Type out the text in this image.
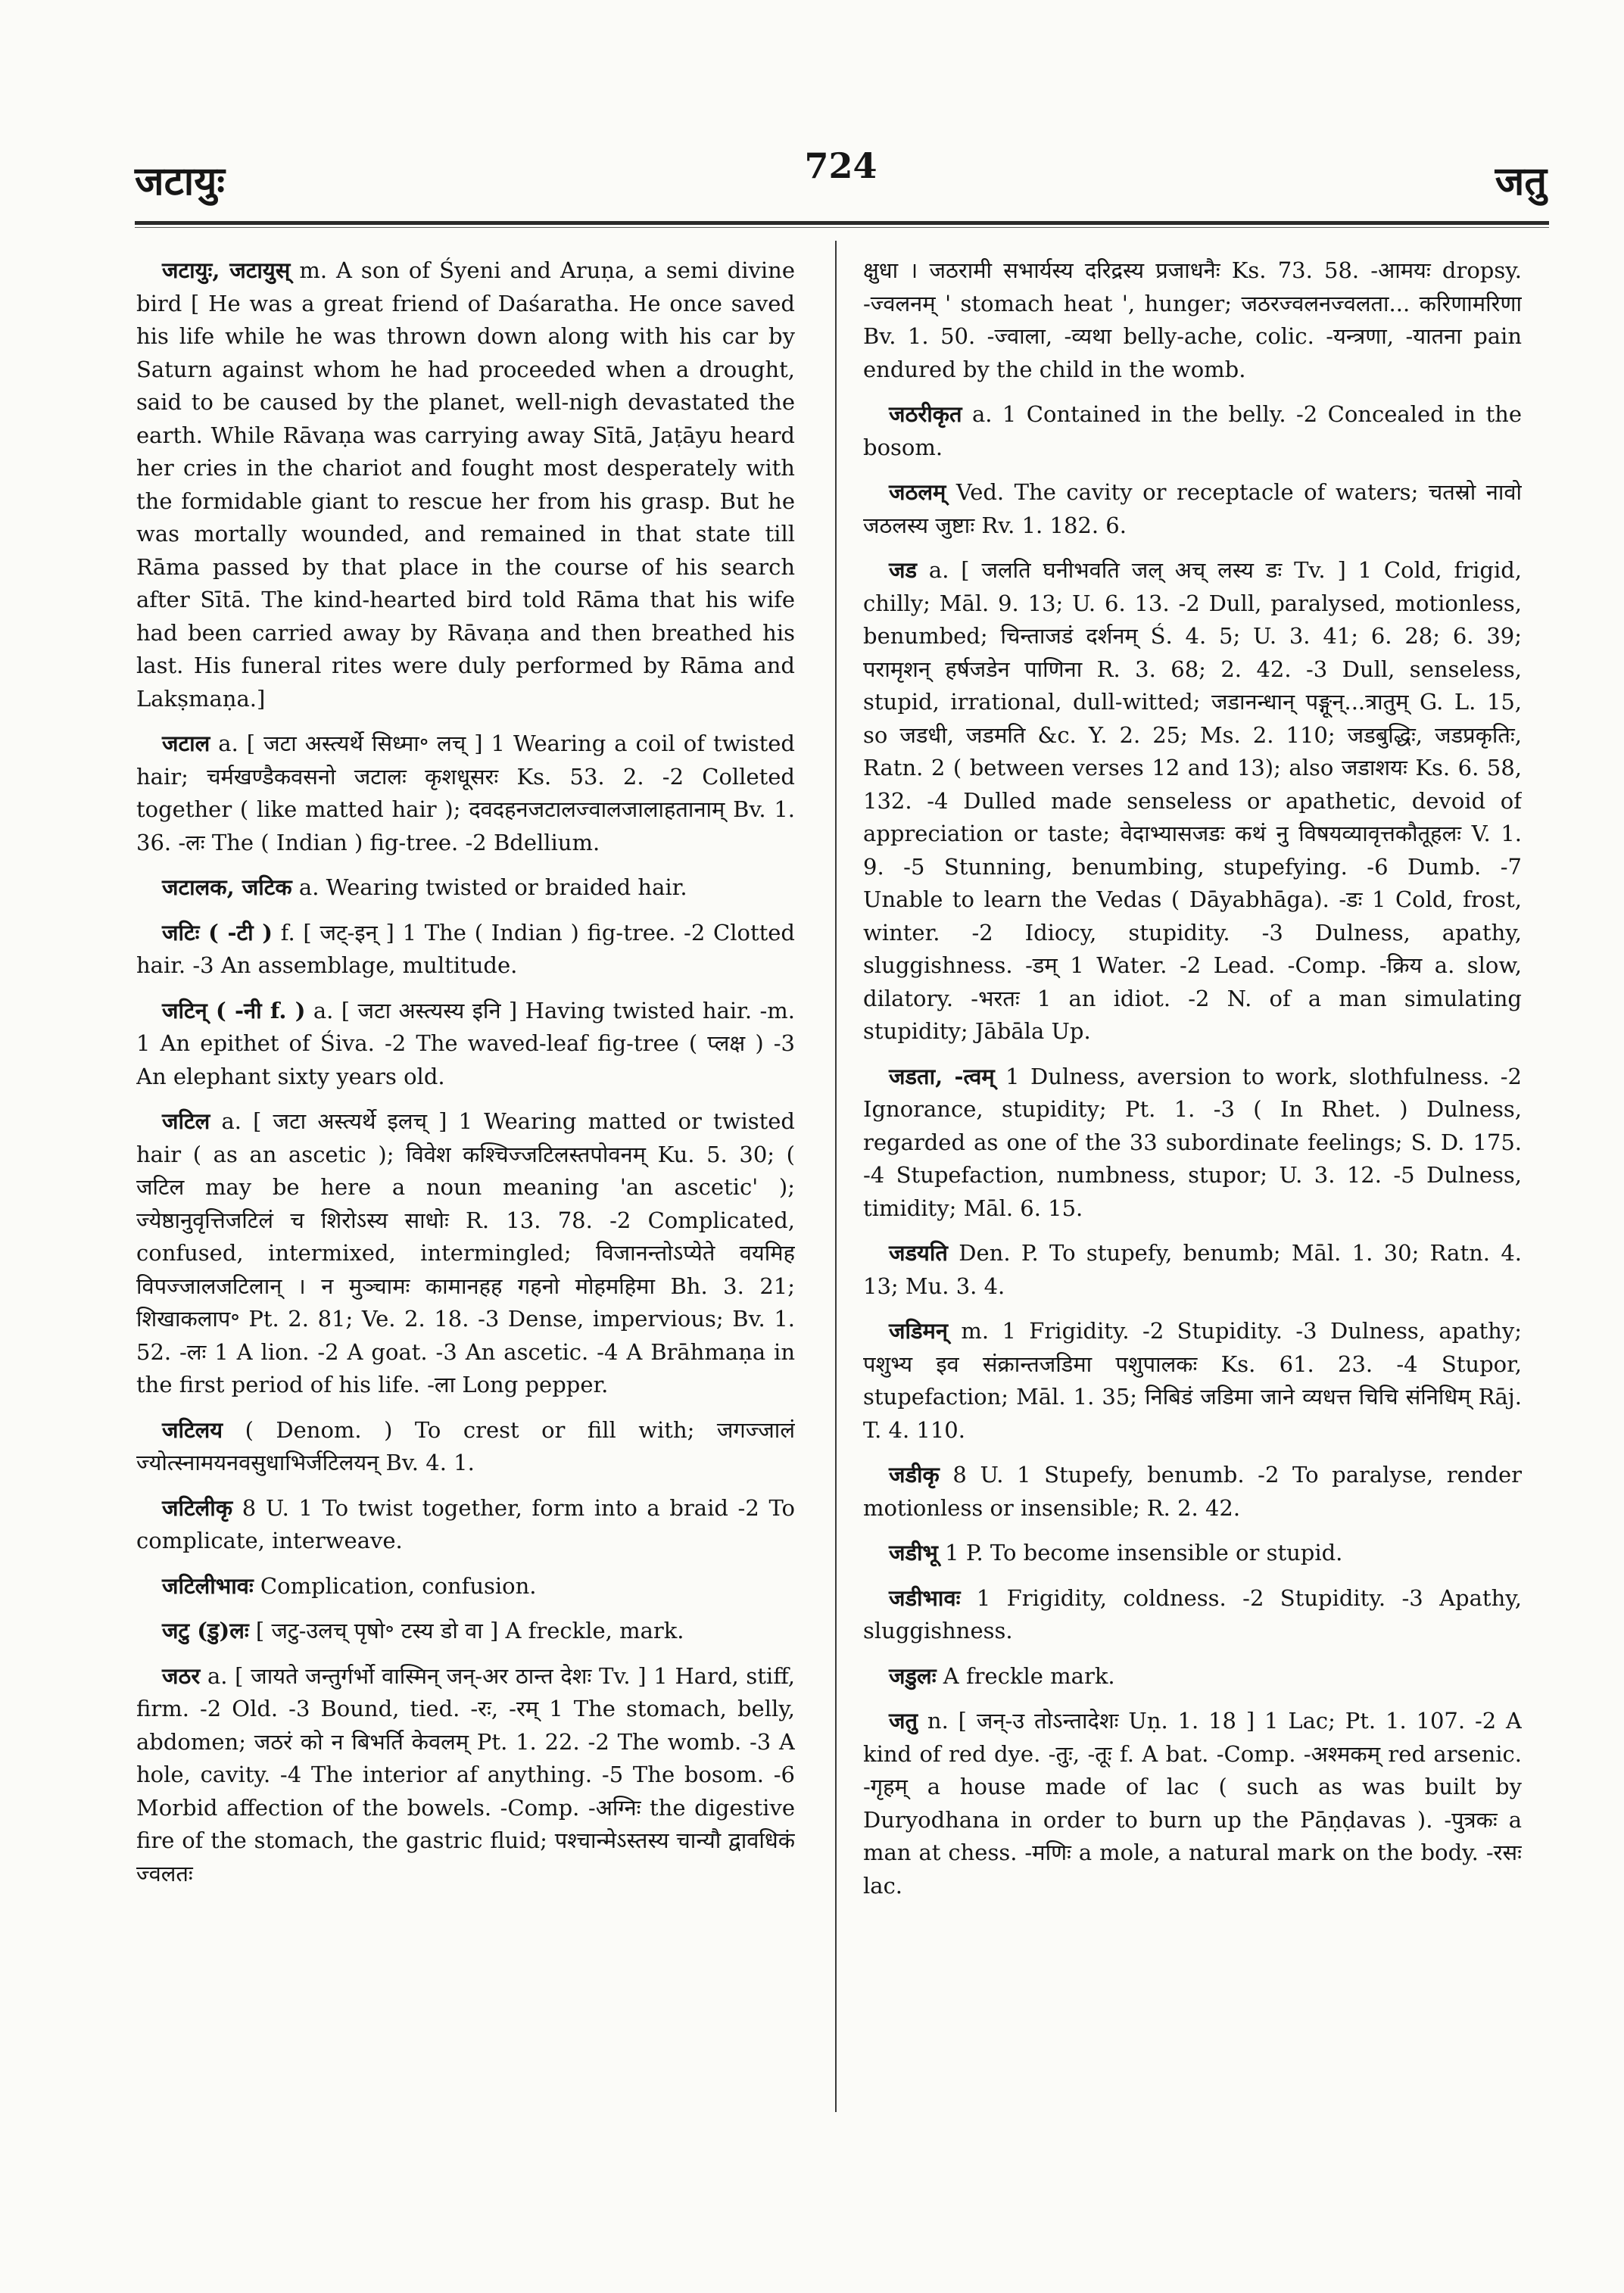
जटायुः	724	जतु

जटायुः, जटायुस् m. A son of Śyeni and Aruṇa, a semi divine bird [ He was a great friend of Daśaratha. He once saved his life while he was thrown down along with his car by Saturn against whom he had proceeded when a drought, said to be caused by the planet, well-nigh devastated the earth. While Rāvaṇa was carrying away Sītā, Jaṭāyu heard her cries in the chariot and fought most desperately with the formidable giant to rescue her from his grasp. But he was mortally wounded, and remained in that state till Rāma passed by that place in the course of his search after Sītā. The kind-hearted bird told Rāma that his wife had been carried away by Rāvaṇa and then breathed his last. His funeral rites were duly performed by Rāma and Lakṣmaṇa.]

जटाल a. [ जटा अस्त्यर्थे सिध्मा॰ लच् ] 1 Wearing a coil of twisted hair; चर्मखण्डैकवसनो जटालः कृशधूसरः Ks. 53. 2. -2 Colleted together ( like matted hair ); दवदहनजटालज्वालजालाहतानाम् Bv. 1. 36. -लः The ( Indian ) fig-tree. -2 Bdellium.

जटालक, जटिक a. Wearing twisted or braided hair.

जटिः ( -टी ) f. [ जट्-इन् ] 1 The ( Indian ) fig-tree. -2 Clotted hair. -3 An assemblage, multitude.

जटिन् ( -नी f. ) a. [ जटा अस्त्यस्य इनि ] Having twisted hair. -m. 1 An epithet of Śiva. -2 The waved-leaf fig-tree ( प्लक्ष ) -3 An elephant sixty years old.

जटिल a. [ जटा अस्त्यर्थे इलच् ] 1 Wearing matted or twisted hair ( as an ascetic ); विवेश कश्चिज्जटिलस्तपोवनम् Ku. 5. 30; ( जटिल may be here a noun meaning 'an ascetic' ); ज्येष्ठानुवृत्तिजटिलं च शिरोऽस्य साधोः R. 13. 78. -2 Complicated, confused, intermixed, intermingled; विजानन्तोऽप्येते वयमिह विपज्जालजटिलान् । न मुञ्चामः कामानहह गहनो मोहमहिमा Bh. 3. 21; शिखाकलाप॰ Pt. 2. 81; Ve. 2. 18. -3 Dense, impervious; Bv. 1. 52. -लः 1 A lion. -2 A goat. -3 An ascetic. -4 A Brāhmaṇa in the first period of his life. -ला Long pepper.

जटिलय ( Denom. ) To crest or fill with; जगज्जालं ज्योत्स्नामयनवसुधाभिर्जटिलयन् Bv. 4. 1.

जटिलीकृ 8 U. 1 To twist together, form into a braid -2 To complicate, interweave.

जटिलीभावः Complication, confusion.

जटु (डु)लः [ जटु-उलच् पृषो॰ टस्य डो वा ] A freckle, mark.

जठर a. [ जायते जन्तुर्गर्भो वास्मिन् जन्-अर ठान्त देशः Tv. ] 1 Hard, stiff, firm. -2 Old. -3 Bound, tied. -रः, -रम् 1 The stomach, belly, abdomen; जठरं को न बिभर्ति केवलम् Pt. 1. 22. -2 The womb. -3 A hole, cavity. -4 The interior af anything. -5 The bosom. -6 Morbid affection of the bowels. -Comp. -अग्निः the digestive fire of the stomach, the gastric fluid; पश्चान्मेऽस्तस्य चान्यौ द्वावधिकं ज्वलतः

क्षुधा । जठरामी सभार्यस्य दरिद्रस्य प्रजाधनैः Ks. 73. 58. -आमयः dropsy. -ज्वलनम् ' stomach heat ', hunger; जठरज्वलनज्वलता... करिणामरिणा Bv. 1. 50. -ज्वाला, -व्यथा belly-ache, colic. -यन्त्रणा, -यातना pain endured by the child in the womb.

जठरीकृत a. 1 Contained in the belly. -2 Concealed in the bosom.

जठलम् Ved. The cavity or receptacle of waters; चतस्रो नावो जठलस्य जुष्टाः Rv. 1. 182. 6.

जड a. [ जलति घनीभवति जल् अच् लस्य डः Tv. ] 1 Cold, frigid, chilly; Māl. 9. 13; U. 6. 13. -2 Dull, paralysed, motionless, benumbed; चिन्ताजडं दर्शनम् Ś. 4. 5; U. 3. 41; 6. 28; 6. 39; परामृशन् हर्षजडेन पाणिना R. 3. 68; 2. 42. -3 Dull, senseless, stupid, irrational, dull-witted; जडानन्धान् पङ्गून्...त्रातुम् G. L. 15, so जडधी, जडमति &c. Y. 2. 25; Ms. 2. 110; जडबुद्धिः, जडप्रकृतिः, Ratn. 2 ( between verses 12 and 13); also जडाशयः Ks. 6. 58, 132. -4 Dulled made senseless or apathetic, devoid of appreciation or taste; वेदाभ्यासजडः कथं नु विषयव्यावृत्तकौतूहलः V. 1. 9. -5 Stunning, benumbing, stupefying. -6 Dumb. -7 Unable to learn the Vedas ( Dāyabhāga). -डः 1 Cold, frost, winter. -2 Idiocy, stupidity. -3 Dulness, apathy, sluggishness. -डम् 1 Water. -2 Lead. -Comp. -क्रिय a. slow, dilatory. -भरतः 1 an idiot. -2 N. of a man simulating stupidity; Jābāla Up.

जडता, -त्वम् 1 Dulness, aversion to work, slothfulness. -2 Ignorance, stupidity; Pt. 1. -3 ( In Rhet. ) Dulness, regarded as one of the 33 subordinate feelings; S. D. 175. -4 Stupefaction, numbness, stupor; U. 3. 12. -5 Dulness, timidity; Māl. 6. 15.

जडयति Den. P. To stupefy, benumb; Māl. 1. 30; Ratn. 4. 13; Mu. 3. 4.

जडिमन् m. 1 Frigidity. -2 Stupidity. -3 Dulness, apathy; पशुभ्य इव संक्रान्तजडिमा पशुपालकः Ks. 61. 23. -4 Stupor, stupefaction; Māl. 1. 35; निबिडं जडिमा जाने व्यधत्त चिचि संनिधिम् Rāj. T. 4. 110.

जडीकृ 8 U. 1 Stupefy, benumb. -2 To paralyse, render motionless or insensible; R. 2. 42.

जडीभू 1 P. To become insensible or stupid.

जडीभावः 1 Frigidity, coldness. -2 Stupidity. -3 Apathy, sluggishness.

जडुलः A freckle mark.

जतु n. [ जन्-उ तोऽन्तादेशः Uṇ. 1. 18 ] 1 Lac; Pt. 1. 107. -2 A kind of red dye. -तुः, -तूः f. A bat. -Comp. -अश्मकम् red arsenic. -गृहम् a house made of lac ( such as was built by Duryodhana in order to burn up the Pāṇḍavas ). -पुत्रकः a man at chess. -मणिः a mole, a natural mark on the body. -रसः lac.
